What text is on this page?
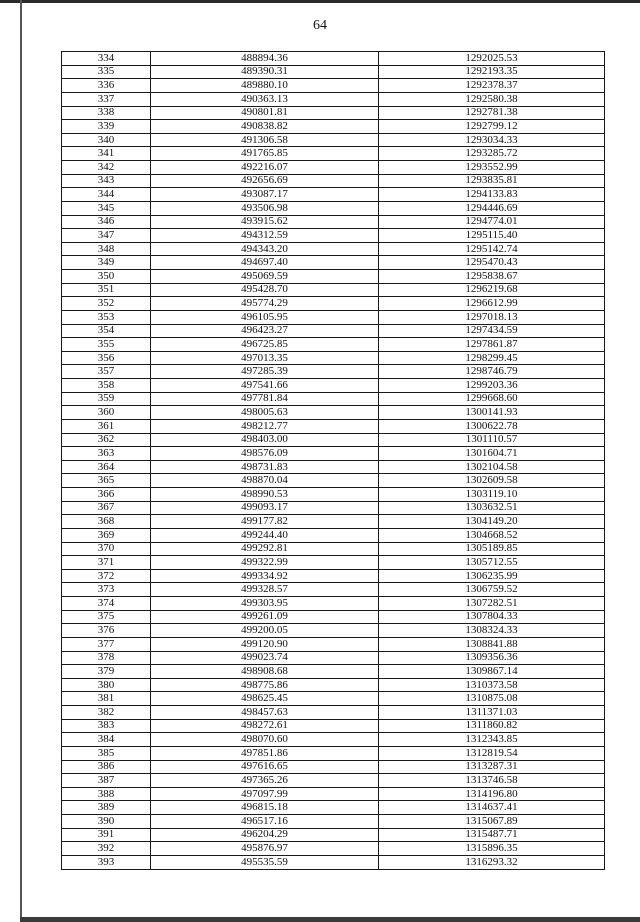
64
334	488894.36	1292025.53
335	489390.31	1292193.35
336	489880.10	1292378.37
337	490363.13	1292580.38
338	490801.81	1292781.38
339	490838.82	1292799.12
340	491306.58	1293034.33
341	491765.85	1293285.72
342	492216.07	1293552.99
343	492656.69	1293835.81
344	493087.17	1294133.83
345	493506.98	1294446.69
346	493915.62	1294774.01
347	494312.59	1295115.40
348	494343.20	1295142.74
349	494697.40	1295470.43
350	495069.59	1295838.67
351	495428.70	1296219.68
352	495774.29	1296612.99
353	496105.95	1297018.13
354	496423.27	1297434.59
355	496725.85	1297861.87
356	497013.35	1298299.45
357	497285.39	1298746.79
358	497541.66	1299203.36
359	497781.84	1299668.60
360	498005.63	1300141.93
361	498212.77	1300622.78
362	498403.00	1301110.57
363	498576.09	1301604.71
364	498731.83	1302104.58
365	498870.04	1302609.58
366	498990.53	1303119.10
367	499093.17	1303632.51
368	499177.82	1304149.20
369	499244.40	1304668.52
370	499292.81	1305189.85
371	499322.99	1305712.55
372	499334.92	1306235.99
373	499328.57	1306759.52
374	499303.95	1307282.51
375	499261.09	1307804.33
376	499200.05	1308324.33
377	499120.90	1308841.88
378	499023.74	1309356.36
379	498908.68	1309867.14
380	498775.86	1310373.58
381	498625.45	1310875.08
382	498457.63	1311371.03
383	498272.61	1311860.82
384	498070.60	1312343.85
385	497851.86	1312819.54
386	497616.65	1313287.31
387	497365.26	1313746.58
388	497097.99	1314196.80
389	496815.18	1314637.41
390	496517.16	1315067.89
391	496204.29	1315487.71
392	495876.97	1315896.35
393	495535.59	1316293.32
